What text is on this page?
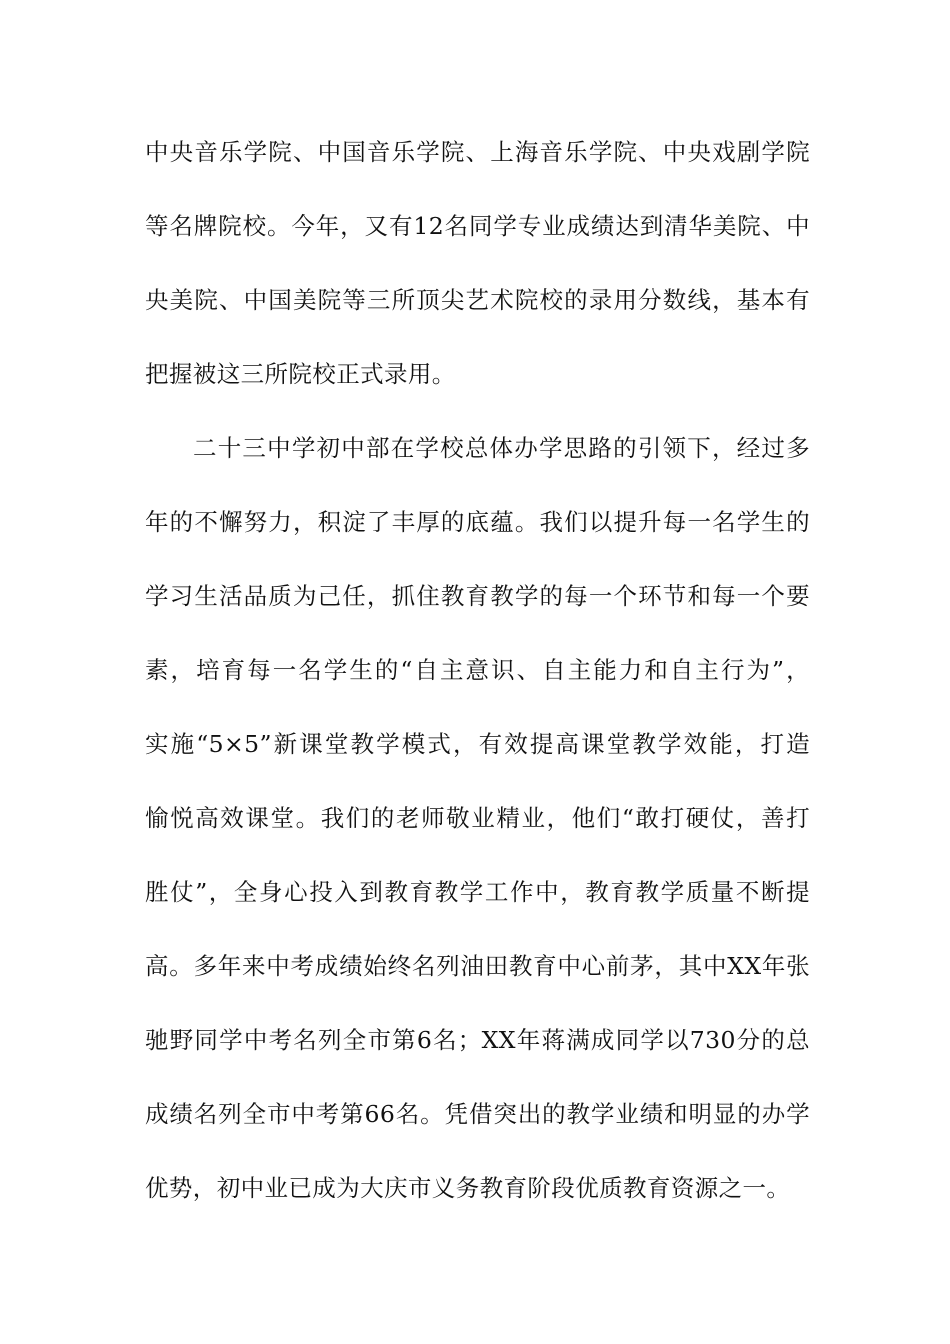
中央音乐学院、中国音乐学院、上海音乐学院、中央戏剧学院
等名牌院校。今年，又有12名同学专业成绩达到清华美院、中
央美院、中国美院等三所顶尖艺术院校的录用分数线，基本有
把握被这三所院校正式录用。
二十三中学初中部在学校总体办学思路的引领下，经过多
年的不懈努力，积淀了丰厚的底蕴。我们以提升每一名学生的
学习生活品质为己任，抓住教育教学的每一个环节和每一个要
素，培育每一名学生的“自主意识、自主能力和自主行为”，
实施“5×5”新课堂教学模式，有效提高课堂教学效能，打造
愉悦高效课堂。我们的老师敬业精业，他们“敢打硬仗，善打
胜仗”，全身心投入到教育教学工作中，教育教学质量不断提
高。多年来中考成绩始终名列油田教育中心前茅，其中XX年张
驰野同学中考名列全市第6名；XX年蒋满成同学以730分的总
成绩名列全市中考第66名。凭借突出的教学业绩和明显的办学
优势，初中业已成为大庆市义务教育阶段优质教育资源之一。
